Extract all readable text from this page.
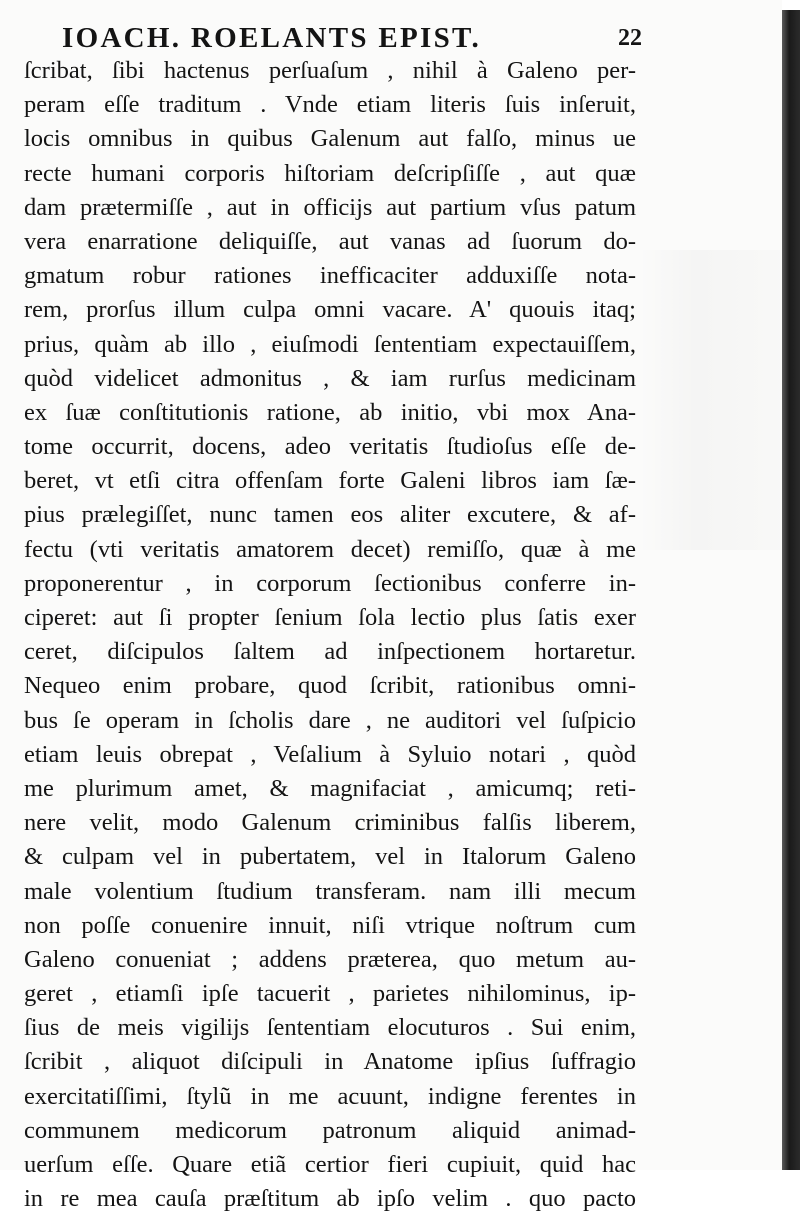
IOACH. ROELANTS EPIST.	22
ſcribat, ſibi hactenus perſuaſum , nihil à Galeno per-
peram eſſe traditum . Vnde etiam literis ſuis inſeruit,
locis omnibus in quibus Galenum aut falſo, minus ue
recte humani corporis hiſtoriam deſcripſiſſe , aut quæ
dam prætermiſſe , aut in officijs aut partium vſus patum
vera enarratione deliquiſſe, aut vanas ad ſuorum do-
gmatum robur rationes inefficaciter adduxiſſe nota-
rem, prorſus illum culpa omni vacare. A' quouis itaq;
prius, quàm ab illo , eiuſmodi ſententiam expectauiſſem,
quòd videlicet admonitus , & iam rurſus medicinam
ex ſuæ conſtitutionis ratione, ab initio, vbi mox Ana-
tome occurrit, docens, adeo veritatis ſtudioſus eſſe de-
beret, vt etſi citra offenſam forte Galeni libros iam ſæ-
pius prælegiſſet, nunc tamen eos aliter excutere, & af-
fectu (vti veritatis amatorem decet) remiſſo, quæ à me
proponerentur , in corporum ſectionibus conferre in-
ciperet: aut ſi propter ſenium ſola lectio plus ſatis exer
ceret, diſcipulos ſaltem ad inſpectionem hortaretur.
Nequeo enim probare, quod ſcribit, rationibus omni-
bus ſe operam in ſcholis dare , ne auditori vel ſuſpicio
etiam leuis obrepat , Veſalium à Syluio notari , quòd
me plurimum amet, & magnifaciat , amicumq; reti-
nere velit, modo Galenum criminibus falſis liberem,
& culpam vel in pubertatem, vel in Italorum Galeno
male volentium ſtudium transferam. nam illi mecum
non poſſe conuenire innuit, niſi vtrique noſtrum cum
Galeno conueniat ; addens præterea, quo metum au-
geret , etiamſi ipſe tacuerit , parietes nihilominus, ip-
ſius de meis vigilijs ſententiam elocuturos . Sui enim,
ſcribit , aliquot diſcipuli in Anatome ipſius ſuffragio
exercitatiſſimi, ſtylũ in me acuunt, indigne ferentes in
communem medicorum patronum aliquid animad-
uerſum eſſe. Quare etiã certior fieri cupiuit, quid hac
in re mea cauſa præſtitum ab ipſo velim . quo pacto
